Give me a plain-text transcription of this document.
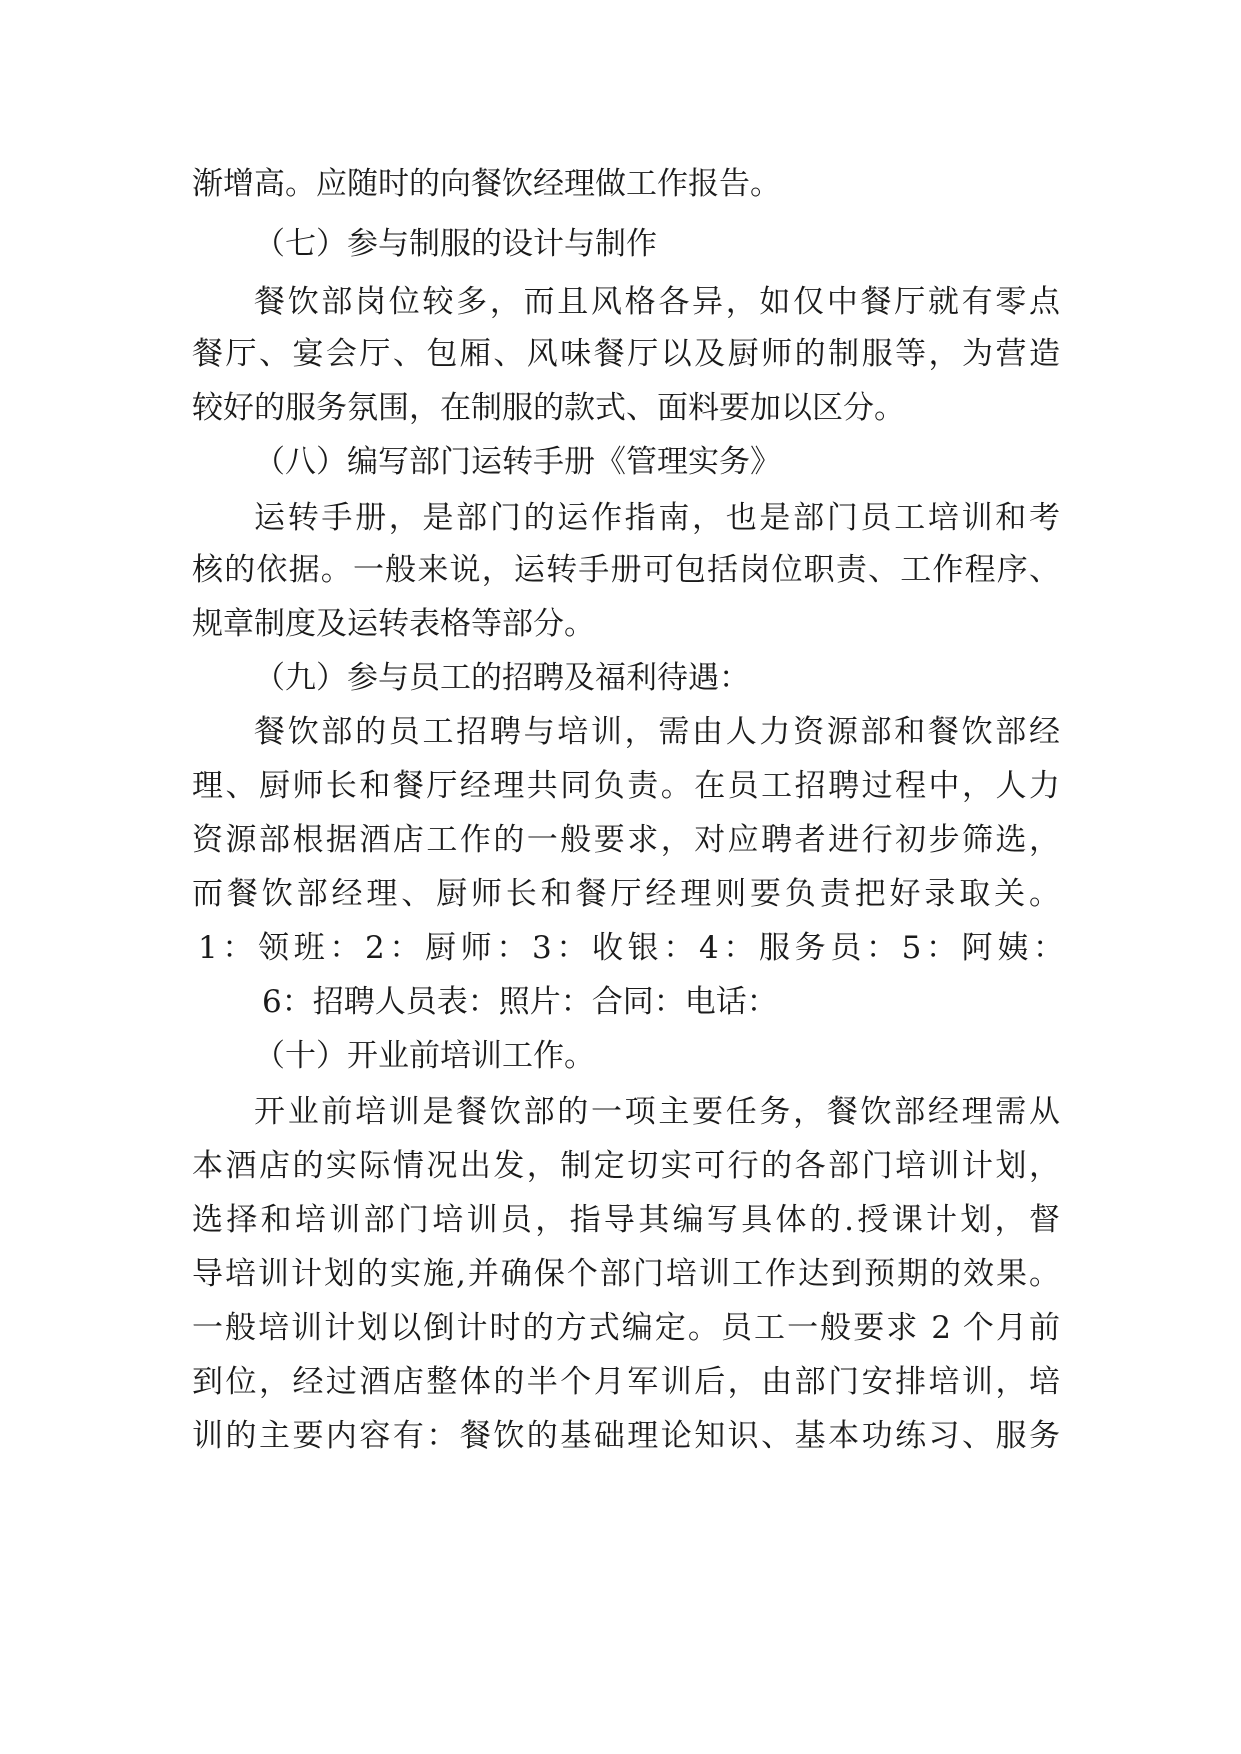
渐增高。应随时的向餐饮经理做工作报告。
（七）参与制服的设计与制作
餐饮部岗位较多，而且风格各异，如仅中餐厅就有零点
餐厅、宴会厅、包厢、风味餐厅以及厨师的制服等，为营造
较好的服务氛围，在制服的款式、面料要加以区分。
（八）编写部门运转手册《管理实务》
运转手册，是部门的运作指南，也是部门员工培训和考
核的依据。一般来说，运转手册可包括岗位职责、工作程序、
规章制度及运转表格等部分。
（九）参与员工的招聘及福利待遇：
餐饮部的员工招聘与培训，需由人力资源部和餐饮部经
理、厨师长和餐厅经理共同负责。在员工招聘过程中，人力
资源部根据酒店工作的一般要求，对应聘者进行初步筛选，
而餐饮部经理、厨师长和餐厅经理则要负责把好录取关。
1：领班：2：厨师：3：收银：4：服务员：5：阿姨：
6：招聘人员表：照片：合同：电话：
（十）开业前培训工作。
开业前培训是餐饮部的一项主要任务，餐饮部经理需从
本酒店的实际情况出发，制定切实可行的各部门培训计划，
选择和培训部门培训员，指导其编写具体的.授课计划，督
导培训计划的实施,并确保个部门培训工作达到预期的效果。
一般培训计划以倒计时的方式编定。员工一般要求 2 个月前
到位，经过酒店整体的半个月军训后，由部门安排培训，培
训的主要内容有：餐饮的基础理论知识、基本功练习、服务
